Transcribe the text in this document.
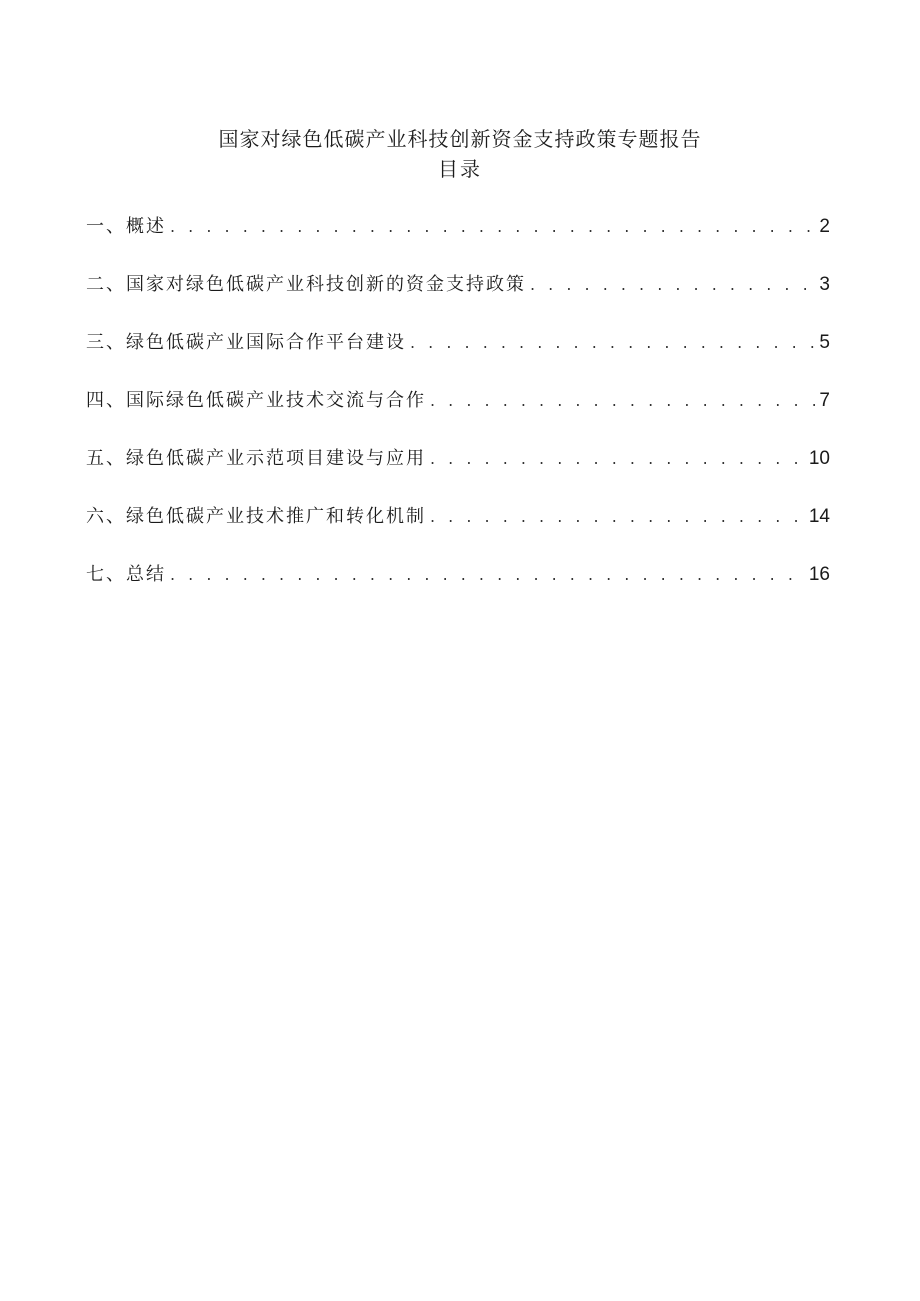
国家对绿色低碳产业科技创新资金支持政策专题报告
目录
一、概述 . . .	2
二、国家对绿色低碳产业科技创新的资金支持政策 . . .	3
三、绿色低碳产业国际合作平台建设 . . .	5
四、国际绿色低碳产业技术交流与合作 . . .	7
五、绿色低碳产业示范项目建设与应用 . . .	10
六、绿色低碳产业技术推广和转化机制 . . .	14
七、总结 . . .	16
